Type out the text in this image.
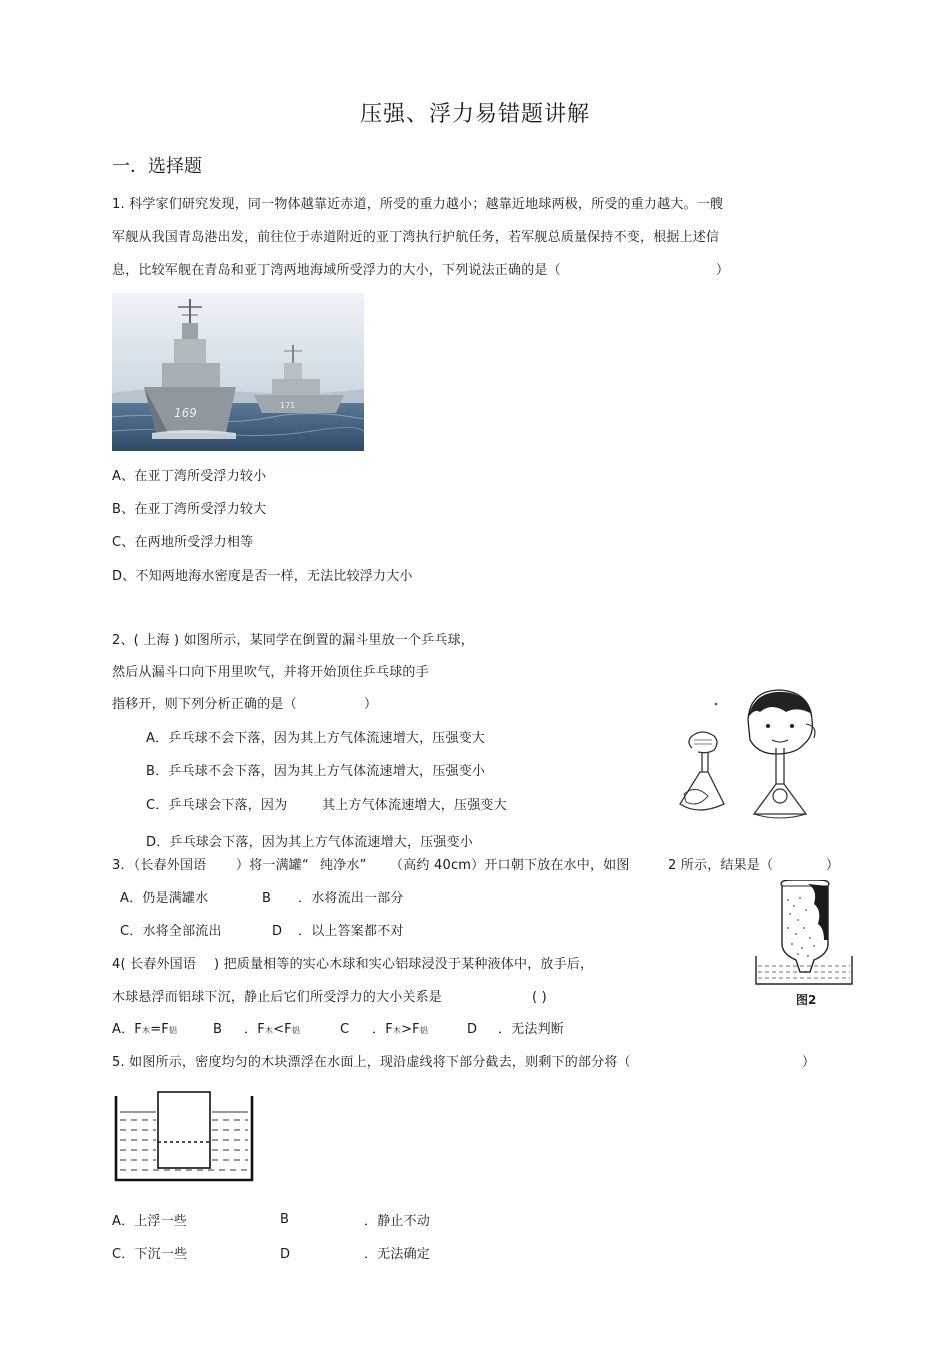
压强、浮力易错题讲解
一．选择题
1. 科学家们研究发现，同一物体越靠近赤道，所受的重力越小；越靠近地球两极，所受的重力越大。一艘
军舰从我国青岛港出发，前往位于赤道附近的亚丁湾执行护航任务，若军舰总质量保持不变，根据上述信
息，比较军舰在青岛和亚丁湾两地海域所受浮力的大小，下列说法正确的是（	）
169
171
A、在亚丁湾所受浮力较小
B、在亚丁湾所受浮力较大
C、在两地所受浮力相等
D、不知两地海水密度是否一样，无法比较浮力大小
2、( 上海 ) 如图所示，某同学在倒置的漏斗里放一个乒乓球，
然后从漏斗口向下用里吹气，并将开始顶住乒乓球的手
指移开，则下列分析正确的是（	）
A．乒乓球不会下落，因为其上方气体流速增大，压强变大
B．乒乓球不会下落，因为其上方气体流速增大，压强变小
C．乒乓球会下落，因为	其上方气体流速增大，压强变大
D．乒乓球会下落，因为其上方气体流速增大，压强变小
3．（长春外国语 ）将一满罐“ 纯净水” （高约 40cm）开口朝下放在水中，如图	2 所示，结果是（	）
A．仍是满罐水	B ．水将流出一部分
C．水将全部流出	D ．以上答案都不对
图2
4( 长春外国语 ) 把质量相等的实心木球和实心铝球浸没于某种液体中，放手后，
木球悬浮而铝球下沉，静止后它们所受浮力的大小关系是	( )
A．F木=F铝	B ．F木<F铝	C ．F木>F铝	D ．无法判断
5. 如图所示，密度均匀的木块漂浮在水面上，现沿虚线将下部分截去，则剩下的部分将（	）
A．上浮一些	B	．静止不动
C．下沉一些	D	．无法确定
